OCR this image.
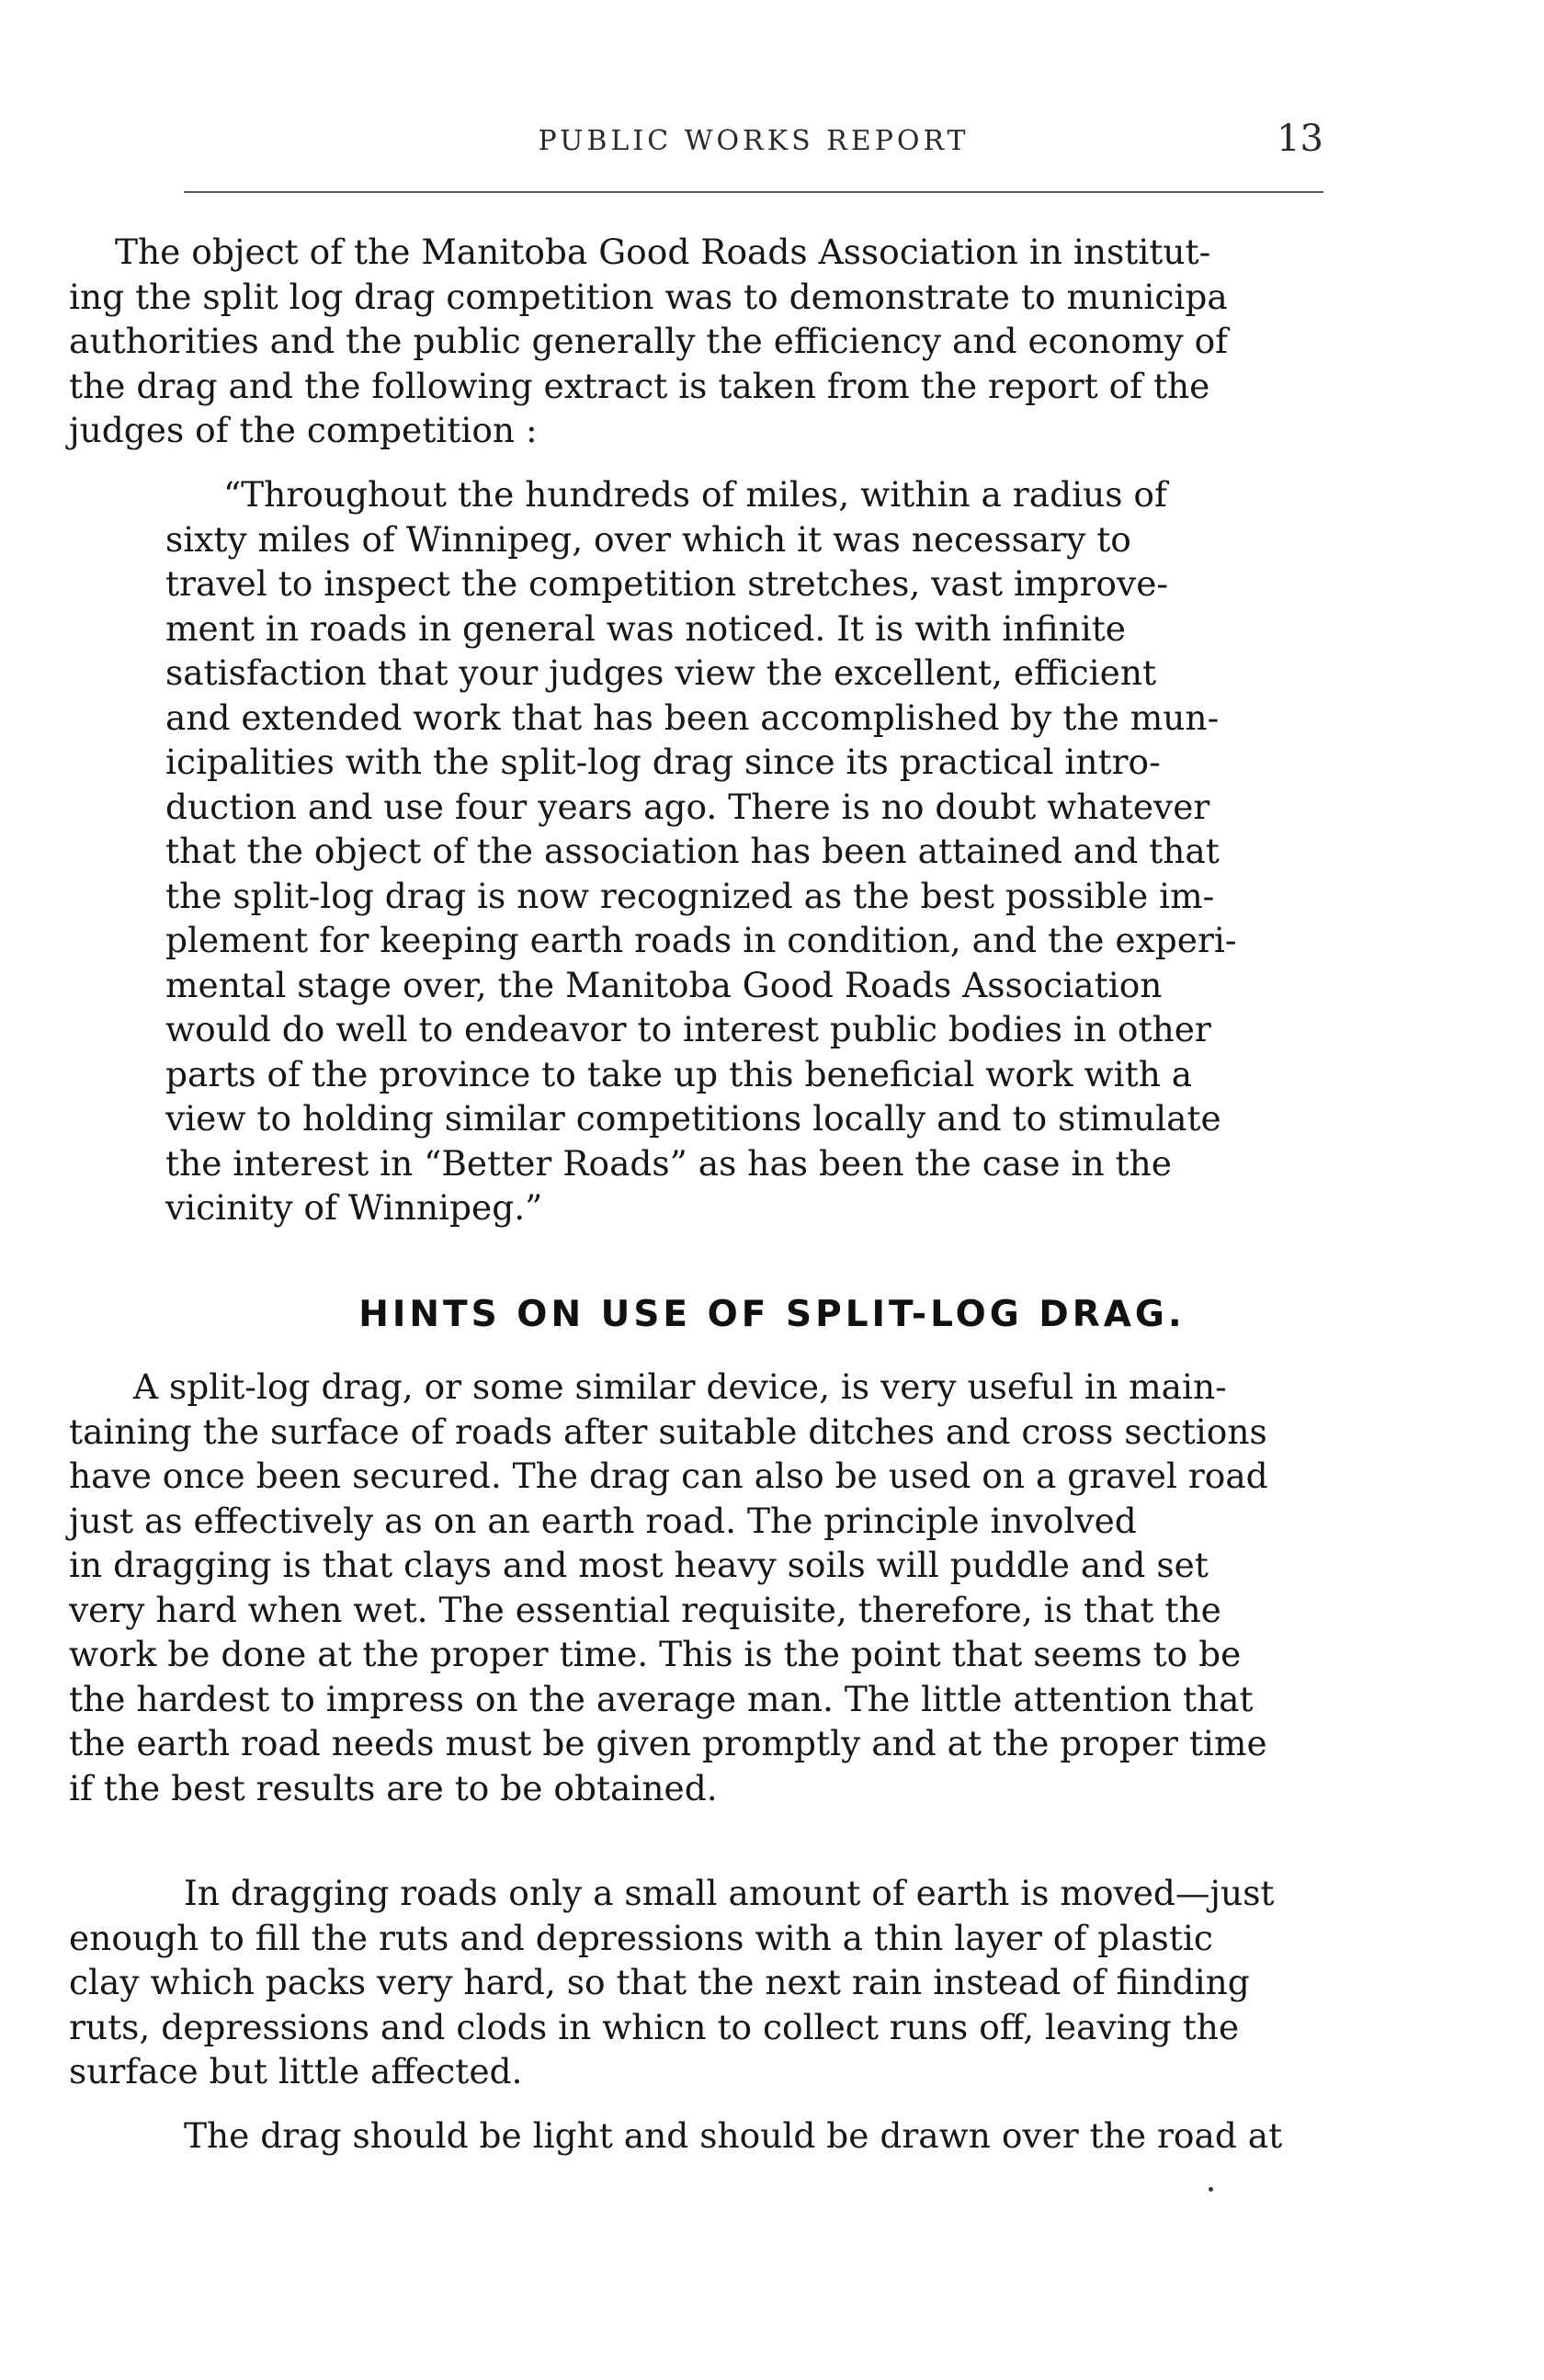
PUBLIC WORKS REPORT	13

The object of the Manitoba Good Roads Association in institut-
ing the split log drag competition was to demonstrate to municipa
authorities and the public generally the efficiency and economy of
the drag and the following extract is taken from the report of the
judges of the competition :

“Throughout the hundreds of miles, within a radius of
sixty miles of Winnipeg, over which it was necessary to
travel to inspect the competition stretches, vast improve-
ment in roads in general was noticed. It is with infinite
satisfaction that your judges view the excellent, efficient
and extended work that has been accomplished by the mun-
icipalities with the split-log drag since its practical intro-
duction and use four years ago. There is no doubt whatever
that the object of the association has been attained and that
the split-log drag is now recognized as the best possible im-
plement for keeping earth roads in condition, and the experi-
mental stage over, the Manitoba Good Roads Association
would do well to endeavor to interest public bodies in other
parts of the province to take up this beneficial work with a
view to holding similar competitions locally and to stimulate
the interest in “Better Roads” as has been the case in the
vicinity of Winnipeg.”

HINTS ON USE OF SPLIT-LOG DRAG.

A split-log drag, or some similar device, is very useful in main-
taining the surface of roads after suitable ditches and cross sections
have once been secured. The drag can also be used on a gravel road
just as effectively as on an earth road. The principle involved
in dragging is that clays and most heavy soils will puddle and set
very hard when wet. The essential requisite, therefore, is that the
work be done at the proper time. This is the point that seems to be
the hardest to impress on the average man. The little attention that
the earth road needs must be given promptly and at the proper time
if the best results are to be obtained.

In dragging roads only a small amount of earth is moved—just
enough to fill the ruts and depressions with a thin layer of plastic
clay which packs very hard, so that the next rain instead of fiinding
ruts, depressions and clods in whicn to collect runs off, leaving the
surface but little affected.

The drag should be light and should be drawn over the road at
